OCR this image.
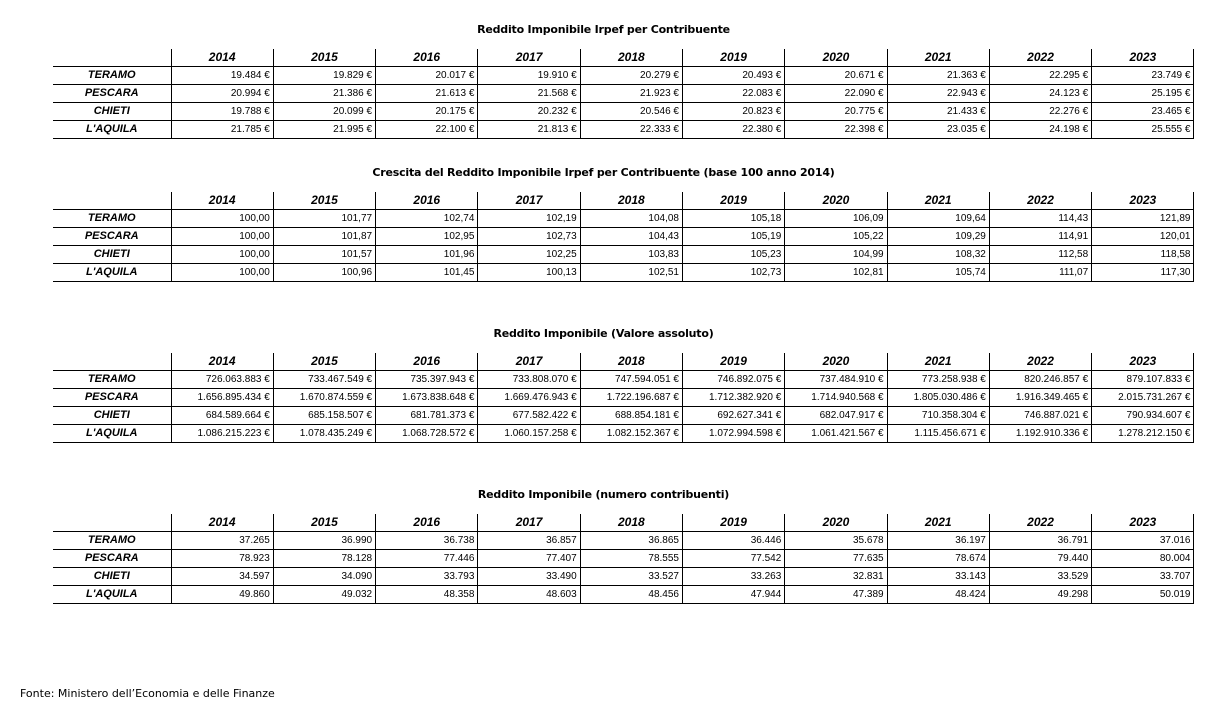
Reddito Imponibile Irpef per Contribuente
	2014	2015	2016	2017	2018	2019	2020	2021	2022	2023
TERAMO	19.484 €	19.829 €	20.017 €	19.910 €	20.279 €	20.493 €	20.671 €	21.363 €	22.295 €	23.749 €
PESCARA	20.994 €	21.386 €	21.613 €	21.568 €	21.923 €	22.083 €	22.090 €	22.943 €	24.123 €	25.195 €
CHIETI	19.788 €	20.099 €	20.175 €	20.232 €	20.546 €	20.823 €	20.775 €	21.433 €	22.276 €	23.465 €
L'AQUILA	21.785 €	21.995 €	22.100 €	21.813 €	22.333 €	22.380 €	22.398 €	23.035 €	24.198 €	25.555 €
Crescita del Reddito Imponibile Irpef per Contribuente (base 100 anno 2014)
	2014	2015	2016	2017	2018	2019	2020	2021	2022	2023
TERAMO	100,00	101,77	102,74	102,19	104,08	105,18	106,09	109,64	114,43	121,89
PESCARA	100,00	101,87	102,95	102,73	104,43	105,19	105,22	109,29	114,91	120,01
CHIETI	100,00	101,57	101,96	102,25	103,83	105,23	104,99	108,32	112,58	118,58
L'AQUILA	100,00	100,96	101,45	100,13	102,51	102,73	102,81	105,74	111,07	117,30
Reddito Imponibile (Valore assoluto)
	2014	2015	2016	2017	2018	2019	2020	2021	2022	2023
TERAMO	726.063.883 €	733.467.549 €	735.397.943 €	733.808.070 €	747.594.051 €	746.892.075 €	737.484.910 €	773.258.938 €	820.246.857 €	879.107.833 €
PESCARA	1.656.895.434 €	1.670.874.559 €	1.673.838.648 €	1.669.476.943 €	1.722.196.687 €	1.712.382.920 €	1.714.940.568 €	1.805.030.486 €	1.916.349.465 €	2.015.731.267 €
CHIETI	684.589.664 €	685.158.507 €	681.781.373 €	677.582.422 €	688.854.181 €	692.627.341 €	682.047.917 €	710.358.304 €	746.887.021 €	790.934.607 €
L'AQUILA	1.086.215.223 €	1.078.435.249 €	1.068.728.572 €	1.060.157.258 €	1.082.152.367 €	1.072.994.598 €	1.061.421.567 €	1.115.456.671 €	1.192.910.336 €	1.278.212.150 €
Reddito Imponibile (numero contribuenti)
	2014	2015	2016	2017	2018	2019	2020	2021	2022	2023
TERAMO	37.265	36.990	36.738	36.857	36.865	36.446	35.678	36.197	36.791	37.016
PESCARA	78.923	78.128	77.446	77.407	78.555	77.542	77.635	78.674	79.440	80.004
CHIETI	34.597	34.090	33.793	33.490	33.527	33.263	32.831	33.143	33.529	33.707
L'AQUILA	49.860	49.032	48.358	48.603	48.456	47.944	47.389	48.424	49.298	50.019
Fonte: Ministero dell’Economia e delle Finanze
